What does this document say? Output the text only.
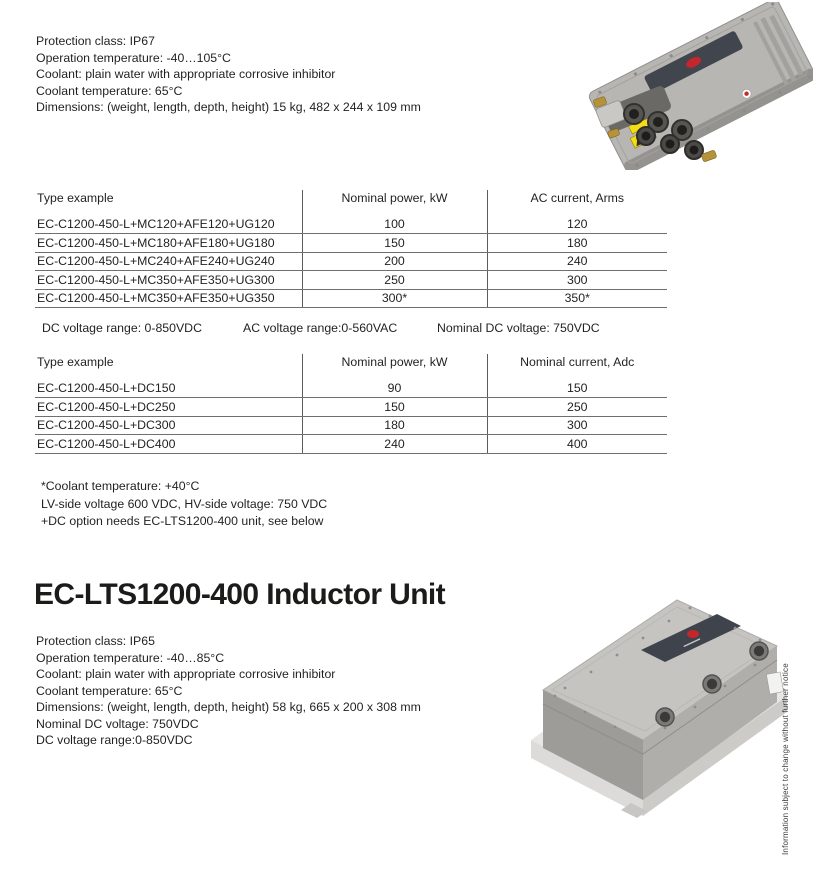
Protection class: IP67
Operation temperature: -40…105°C
Coolant: plain water with appropriate corrosive inhibitor
Coolant temperature: 65°C
Dimensions: (weight, length, depth, height) 15 kg, 482 x 244 x 109 mm
Type example	Nominal power, kW	AC current, Arms
EC-C1200-450-L+MC120+AFE120+UG120	100	120
EC-C1200-450-L+MC180+AFE180+UG180	150	180
EC-C1200-450-L+MC240+AFE240+UG240	200	240
EC-C1200-450-L+MC350+AFE350+UG300	250	300
EC-C1200-450-L+MC350+AFE350+UG350	300*	350*
DC voltage range: 0-850VDC	AC voltage range:0-560VAC	Nominal DC voltage: 750VDC
Type example	Nominal power, kW	Nominal current, Adc
EC-C1200-450-L+DC150	90	150
EC-C1200-450-L+DC250	150	250
EC-C1200-450-L+DC300	180	300
EC-C1200-450-L+DC400	240	400
*Coolant temperature: +40°C
LV-side voltage 600 VDC, HV-side voltage: 750 VDC
+DC option needs EC-LTS1200-400 unit, see below
EC-LTS1200-400 Inductor Unit
Protection class: IP65
Operation temperature: -40…85°C
Coolant: plain water with appropriate corrosive inhibitor
Coolant temperature: 65°C
Dimensions: (weight, length, depth, height) 58 kg, 665 x 200 x 308 mm
Nominal DC voltage: 750VDC
DC voltage range:0-850VDC	Information subject to change without further notice
